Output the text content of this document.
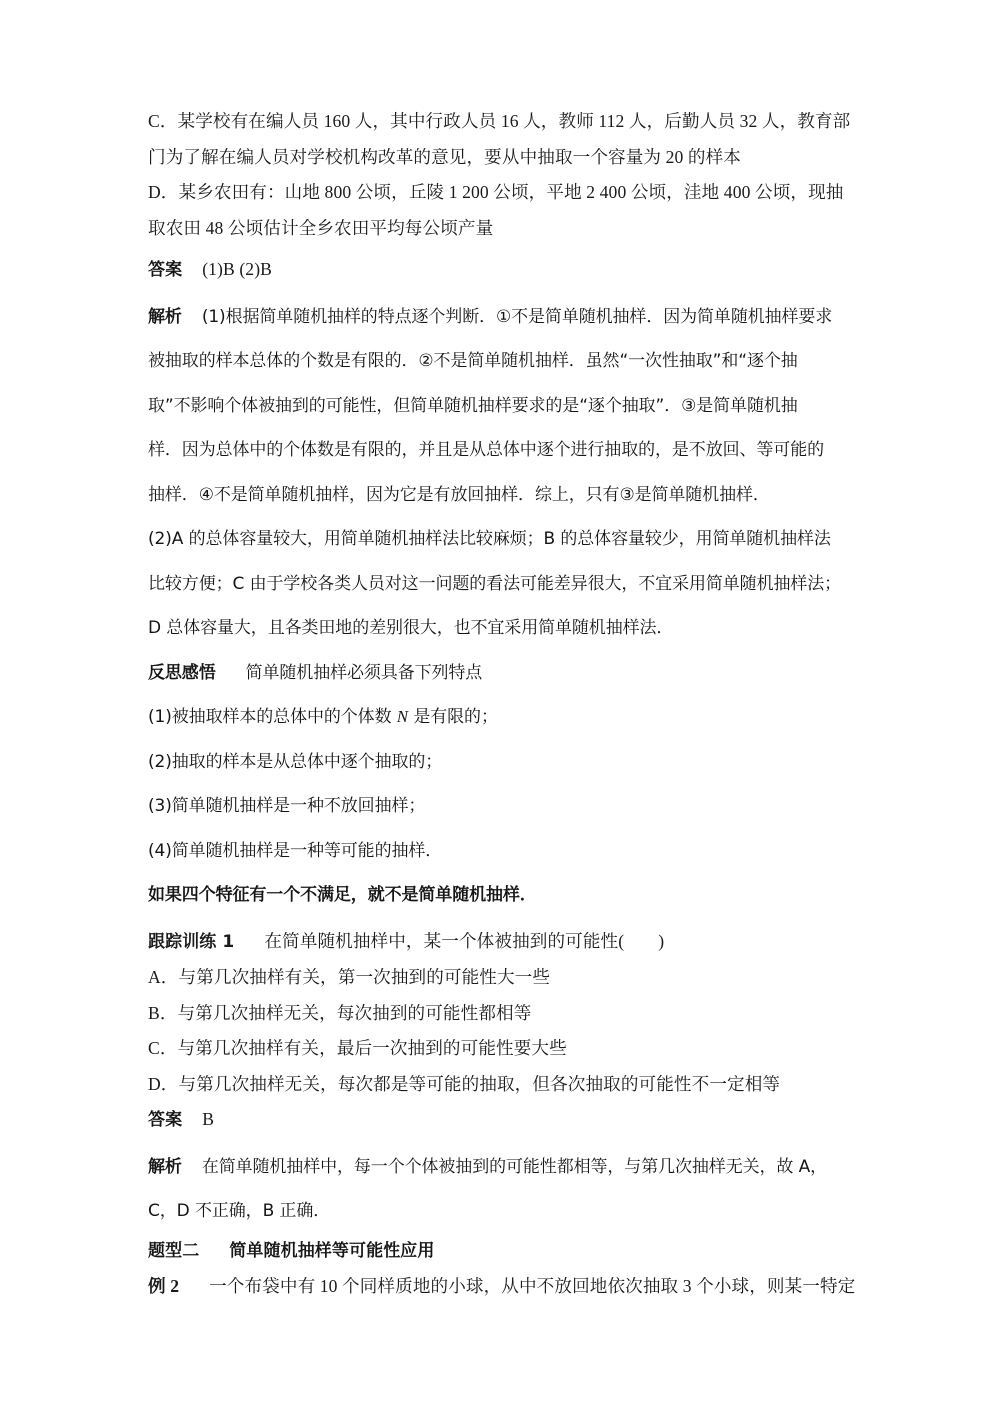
C．某学校有在编人员 160 人，其中行政人员 16 人，教师 112 人，后勤人员 32 人，教育部
门为了解在编人员对学校机构改革的意见，要从中抽取一个容量为 20 的样本
D．某乡农田有：山地 800 公顷，丘陵 1 200 公顷，平地 2 400 公顷，洼地 400 公顷，现抽
取农田 48 公顷估计全乡农田平均每公顷产量
答案 (1)B (2)B
解析 (1)根据简单随机抽样的特点逐个判断．①不是简单随机抽样．因为简单随机抽样要求
被抽取的样本总体的个数是有限的．②不是简单随机抽样．虽然“一次性抽取”和“逐个抽
取”不影响个体被抽到的可能性，但简单随机抽样要求的是“逐个抽取”．③是简单随机抽
样．因为总体中的个体数是有限的，并且是从总体中逐个进行抽取的，是不放回、等可能的
抽样．④不是简单随机抽样，因为它是有放回抽样．综上，只有③是简单随机抽样．
(2)A 的总体容量较大，用简单随机抽样法比较麻烦；B 的总体容量较少，用简单随机抽样法
比较方便；C 由于学校各类人员对这一问题的看法可能差异很大，不宜采用简单随机抽样法；
D 总体容量大，且各类田地的差别很大，也不宜采用简单随机抽样法．
反思感悟 简单随机抽样必须具备下列特点
(1)被抽取样本的总体中的个体数 N 是有限的；
(2)抽取的样本是从总体中逐个抽取的；
(3)简单随机抽样是一种不放回抽样；
(4)简单随机抽样是一种等可能的抽样．
如果四个特征有一个不满足，就不是简单随机抽样．
跟踪训练 1 在简单随机抽样中，某一个体被抽到的可能性( )
A．与第几次抽样有关，第一次抽到的可能性大一些
B．与第几次抽样无关，每次抽到的可能性都相等
C．与第几次抽样有关，最后一次抽到的可能性要大些
D．与第几次抽样无关，每次都是等可能的抽取，但各次抽取的可能性不一定相等
答案 B
解析 在简单随机抽样中，每一个个体被抽到的可能性都相等，与第几次抽样无关，故 A，
C，D 不正确，B 正确．
题型二 简单随机抽样等可能性应用
例 2 一个布袋中有 10 个同样质地的小球，从中不放回地依次抽取 3 个小球，则某一特定
